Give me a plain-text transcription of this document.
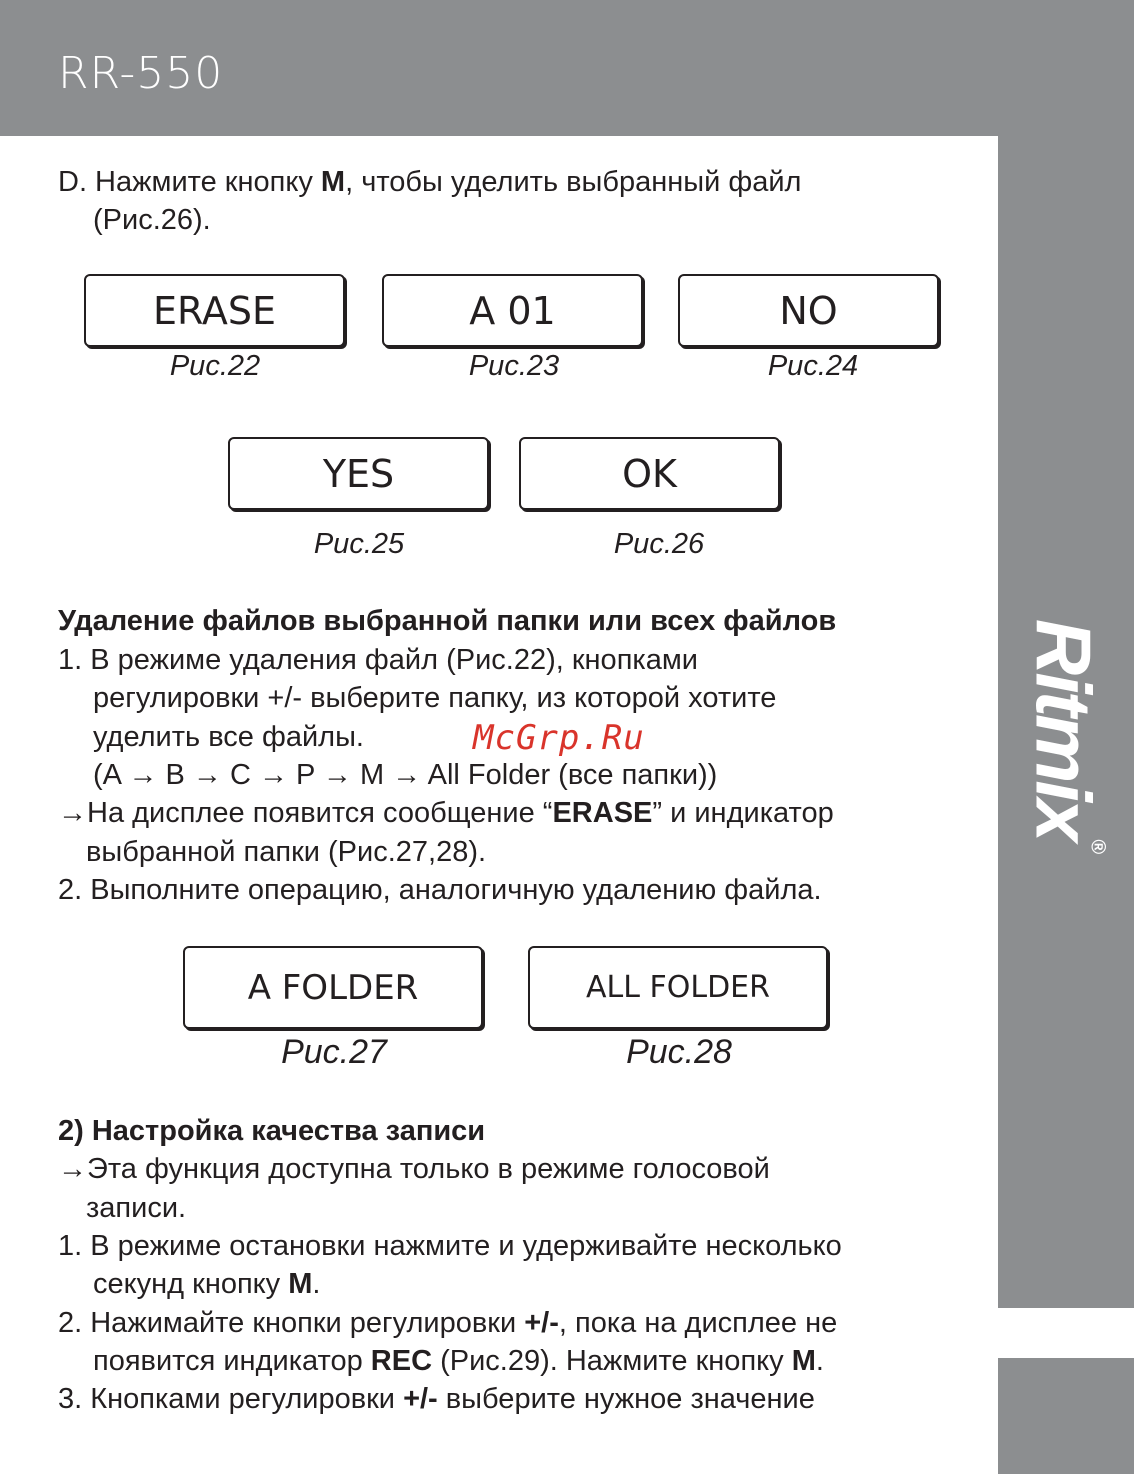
RR-550
Ritmix®
D. Нажмите кнопку M, чтобы уделить выбранный файл
(Рис.26).
ERASE
Рис.22
A 01
Рис.23
NO
Рис.24
YES
Рис.25
OK
Рис.26
Удаление файлов выбранной папки или всех файлов
1. В режиме удаления файл (Рис.22), кнопками
регулировки +/- выберите папку, из которой хотите
уделить все файлы.
(A → B → C → P → M → All Folder (все папки))
→На дисплее появится сообщение “ERASE” и индикатор
выбранной папки (Рис.27,28).
2. Выполните операцию, аналогичную удалению файла.
A FOLDER
Рис.27
ALL FOLDER
Рис.28
2) Настройка качества записи
→Эта функция доступна только в режиме голосовой
записи.
1. В режиме остановки нажмите и удерживайте несколько
секунд кнопку M.
2. Нажимайте кнопки регулировки +/-, пока на дисплее не
появится индикатор REC (Рис.29). Нажмите кнопку M.
3. Кнопками регулировки +/- выберите нужное значение
McGrp.Ru
